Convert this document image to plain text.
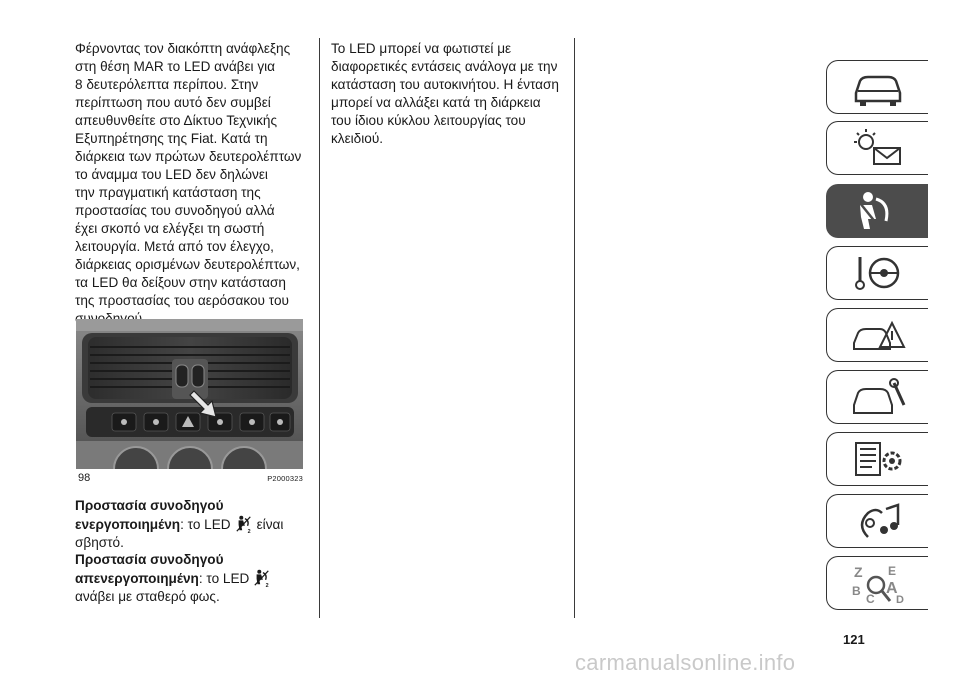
Φέρνοντας τον διακόπτη ανάφλεξης
στη θέση MAR το LED ανάβει για
8 δευτερόλεπτα περίπου. Στην
περίπτωση που αυτό δεν συμβεί
απευθυνθείτε στο Δίκτυο Τεχνικής
Εξυπηρέτησης της Fiat. Κατά τη
διάρκεια των πρώτων δευτερολέπτων
το άναμμα του LED δεν δηλώνει
την πραγματική κατάσταση της
προστασίας του συνοδηγού αλλά
έχει σκοπό να ελέγξει τη σωστή
λειτουργία. Μετά από τον έλεγχο,
διάρκειας ορισμένων δευτερολέπτων,
τα LED θα δείξουν στην κατάσταση
της προστασίας του αερόσακου του

98	P2000323
Προστασία συνοδηγού
ενεργοποιημένη: το LED	2 είναι
σβηστό.
Προστασία συνοδηγού
απενεργοποιημένη: το LED	2

ανάβει με σταθερό φως.
Το LED μπορεί να φωτιστεί με
διαφορετικές εντάσεις ανάλογα με την
κατάσταση του αυτοκινήτου. Η ένταση
μπορεί να αλλάξει κατά τη διάρκεια
του ίδιου κύκλου λειτουργίας του
κλειδιού.
Z E
B A
C D
121
carmanualsonline.info
